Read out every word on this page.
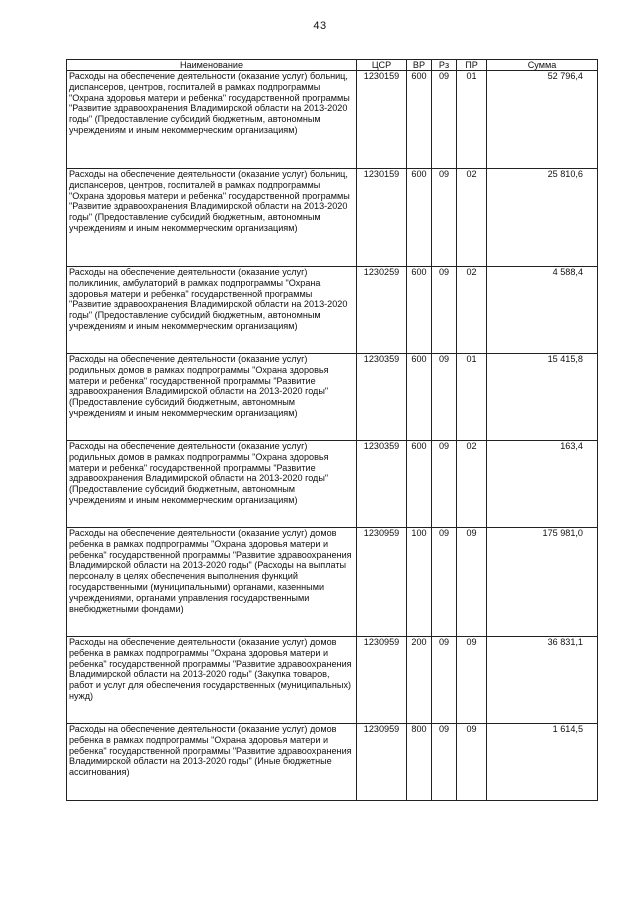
43
Наименование	ЦСР	ВР	Рз	ПР	Сумма
Расходы на обеспечение деятельности (оказание услуг) больниц, диспансеров, центров, госпиталей в рамках подпрограммы "Охрана здоровья матери и ребенка" государственной программы "Развитие здравоохранения Владимирской области на 2013-2020 годы" (Предоставление субсидий бюджетным, автономным учреждениям и иным некоммерческим организациям)	1230159	600	09	01	52 796,4
Расходы на обеспечение деятельности (оказание услуг) больниц, диспансеров, центров, госпиталей в рамках подпрограммы "Охрана здоровья матери и ребенка" государственной программы "Развитие здравоохранения Владимирской области на 2013-2020 годы" (Предоставление субсидий бюджетным, автономным учреждениям и иным некоммерческим организациям)	1230159	600	09	02	25 810,6
Расходы на обеспечение деятельности (оказание услуг) поликлиник, амбулаторий в рамках подпрограммы "Охрана здоровья матери и ребенка" государственной программы "Развитие здравоохранения Владимирской области на 2013-2020 годы" (Предоставление субсидий бюджетным, автономным учреждениям и иным некоммерческим организациям)	1230259	600	09	02	4 588,4
Расходы на обеспечение деятельности (оказание услуг) родильных домов в рамках подпрограммы "Охрана здоровья матери и ребенка" государственной программы "Развитие здравоохранения Владимирской области на 2013-2020 годы" (Предоставление субсидий бюджетным, автономным учреждениям и иным некоммерческим организациям)	1230359	600	09	01	15 415,8
Расходы на обеспечение деятельности (оказание услуг) родильных домов в рамках подпрограммы "Охрана здоровья матери и ребенка" государственной программы "Развитие здравоохранения Владимирской области на 2013-2020 годы" (Предоставление субсидий бюджетным, автономным учреждениям и иным некоммерческим организациям)	1230359	600	09	02	163,4
Расходы на обеспечение деятельности (оказание услуг) домов ребенка в рамках подпрограммы "Охрана здоровья матери и ребенка" государственной программы "Развитие здравоохранения Владимирской области на 2013-2020 годы" (Расходы на выплаты персоналу в целях обеспечения выполнения функций государственными (муниципальными) органами, казенными учреждениями, органами управления государственными внебюджетными фондами)	1230959	100	09	09	175 981,0
Расходы на обеспечение деятельности (оказание услуг) домов ребенка в рамках подпрограммы "Охрана здоровья матери и ребенка" государственной программы "Развитие здравоохранения Владимирской области на 2013-2020 годы" (Закупка товаров, работ и услуг для обеспечения государственных (муниципальных) нужд)	1230959	200	09	09	36 831,1
Расходы на обеспечение деятельности (оказание услуг) домов ребенка в рамках подпрограммы "Охрана здоровья матери и ребенка" государственной программы "Развитие здравоохранения Владимирской области на 2013-2020 годы" (Иные бюджетные ассигнования)	1230959	800	09	09	1 614,5
